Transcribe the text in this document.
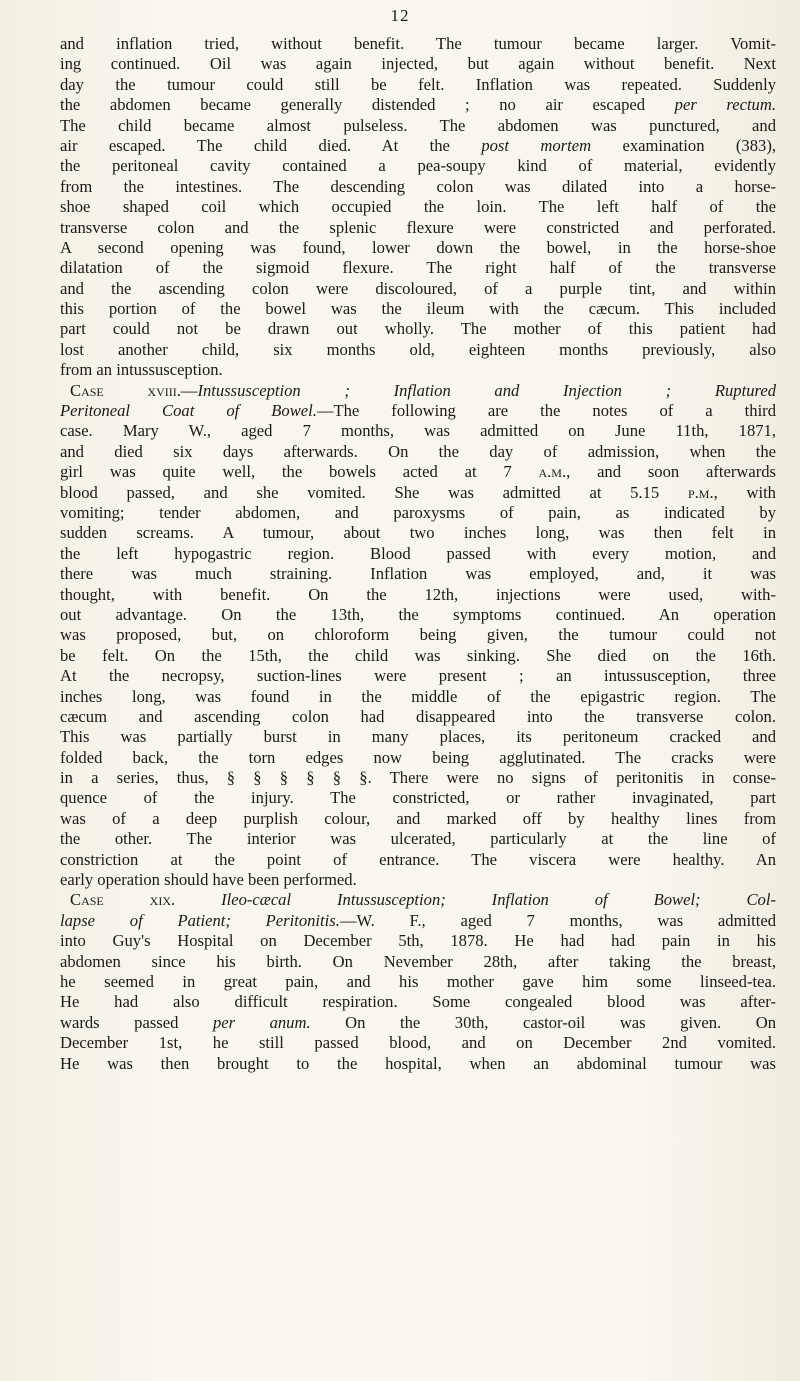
12
and inflation tried, without benefit. The tumour became larger. Vomit-
ing continued. Oil was again injected, but again without benefit. Next
day the tumour could still be felt. Inflation was repeated. Suddenly
the abdomen became generally distended ; no air escaped per rectum.
The child became almost pulseless. The abdomen was punctured, and
air escaped. The child died. At the post mortem examination (383),
the peritoneal cavity contained a pea-soupy kind of material, evidently
from the intestines. The descending colon was dilated into a horse-
shoe shaped coil which occupied the loin. The left half of the
transverse colon and the splenic flexure were constricted and perforated.
A second opening was found, lower down the bowel, in the horse-shoe
dilatation of the sigmoid flexure. The right half of the transverse
and the ascending colon were discoloured, of a purple tint, and within
this portion of the bowel was the ileum with the cæcum. This included
part could not be drawn out wholly. The mother of this patient had
lost another child, six months old, eighteen months previously, also
from an intussusception.
Case xviii.—Intussusception ; Inflation and Injection ; Ruptured
Peritoneal Coat of Bowel.—The following are the notes of a third
case. Mary W., aged 7 months, was admitted on June 11th, 1871,
and died six days afterwards. On the day of admission, when the
girl was quite well, the bowels acted at 7 a.m., and soon afterwards
blood passed, and she vomited. She was admitted at 5.15 p.m., with
vomiting; tender abdomen, and paroxysms of pain, as indicated by
sudden screams. A tumour, about two inches long, was then felt in
the left hypogastric region. Blood passed with every motion, and
there was much straining. Inflation was employed, and, it was
thought, with benefit. On the 12th, injections were used, with-
out advantage. On the 13th, the symptoms continued. An operation
was proposed, but, on chloroform being given, the tumour could not
be felt. On the 15th, the child was sinking. She died on the 16th.
At the necropsy, suction-lines were present ; an intussusception, three
inches long, was found in the middle of the epigastric region. The
cæcum and ascending colon had disappeared into the transverse colon.
This was partially burst in many places, its peritoneum cracked and
folded back, the torn edges now being agglutinated. The cracks were
in a series, thus, § § § § § §. There were no signs of peritonitis in conse-
quence of the injury. The constricted, or rather invaginated, part
was of a deep purplish colour, and marked off by healthy lines from
the other. The interior was ulcerated, particularly at the line of
constriction at the point of entrance. The viscera were healthy. An
early operation should have been performed.
Case xix.	Ileo-cæcal Intussusception; Inflation of Bowel; Col-
lapse of Patient; Peritonitis.—W. F., aged 7 months, was admitted
into Guy's Hospital on December 5th, 1878. He had had pain in his
abdomen since his birth. On Nevember 28th, after taking the breast,
he seemed in great pain, and his mother gave him some linseed-tea.
He had also difficult respiration. Some congealed blood was after-
wards passed per anum. On the 30th, castor-oil was given. On
December 1st, he still passed blood, and on December 2nd vomited.
He was then brought to the hospital, when an abdominal tumour was
